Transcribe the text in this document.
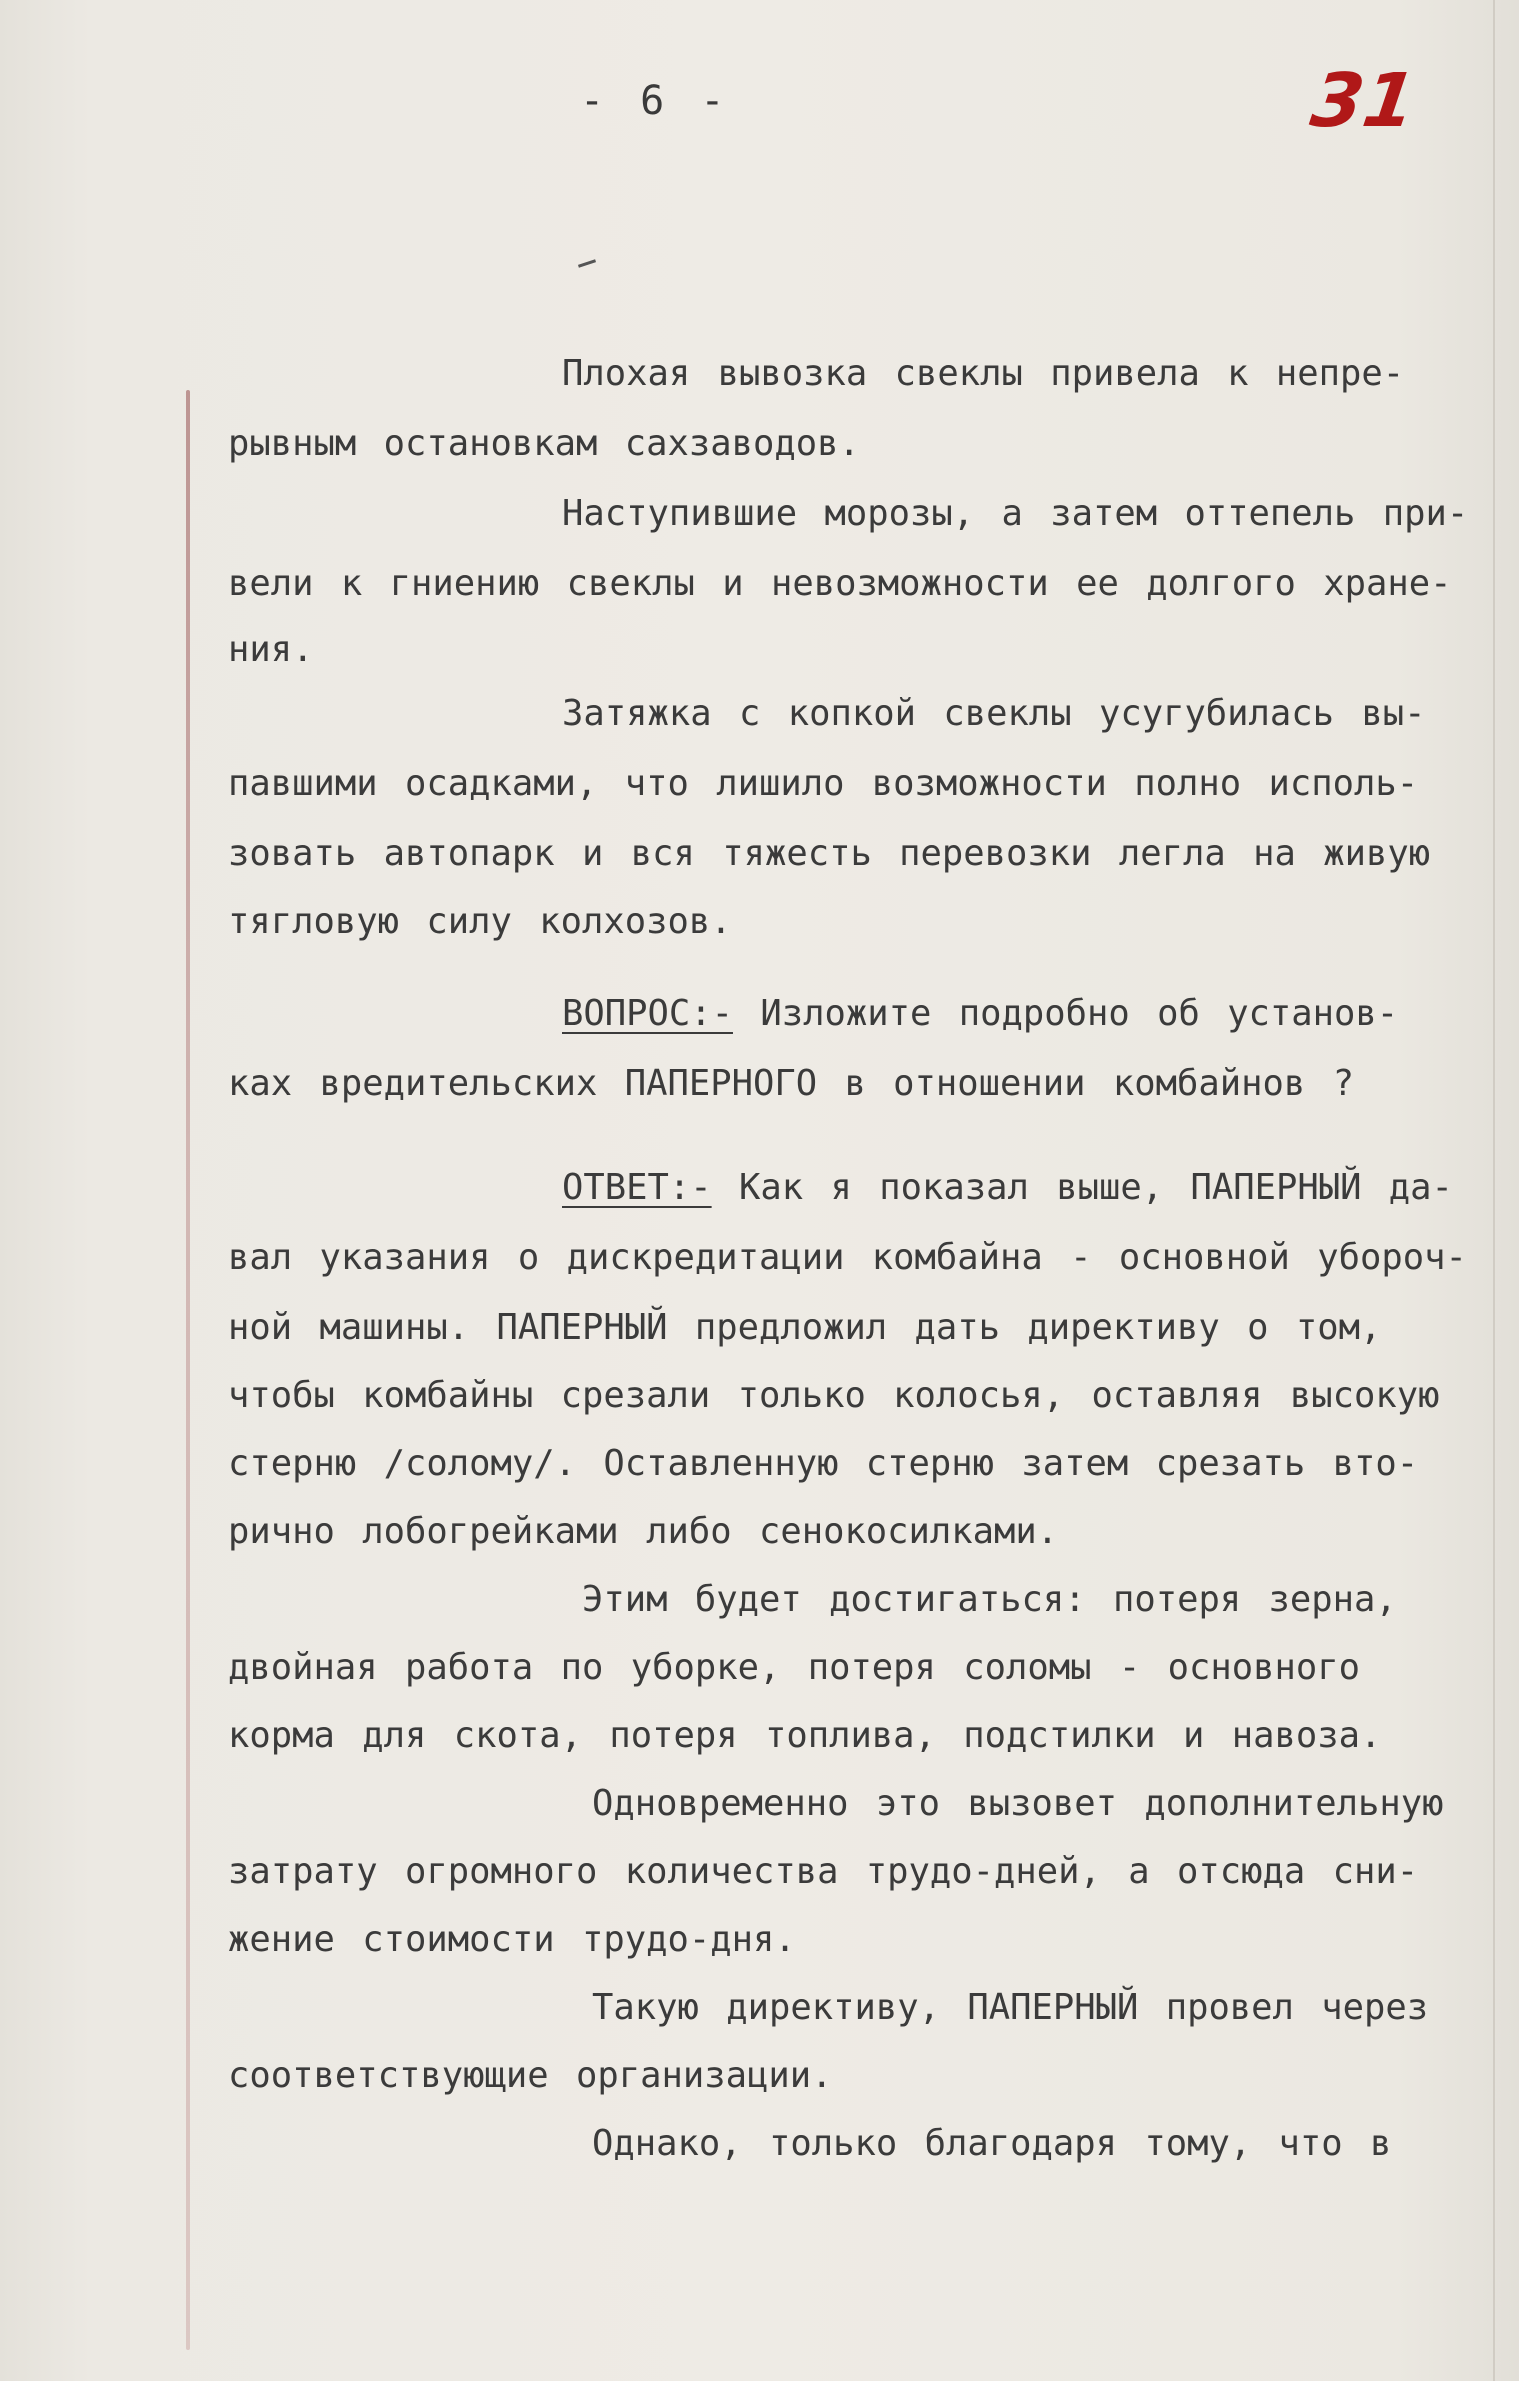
- 6 -	31
Плохая вывозка свеклы привела к непре-
рывным остановкам сахзаводов.
Наступившие морозы, а затем оттепель при-
вели к гниению свеклы и невозможности ее долгого хране-
ния.
Затяжка с копкой свеклы усугубилась вы-
павшими осадками, что лишило возможности полно исполь-
зовать автопарк и вся тяжесть перевозки легла на живую
тягловую силу колхозов.
ВОПРОС:- Изложите подробно об установ-
ках вредительских ПАПЕРНОГО в отношении комбайнов ?
ОТВЕТ:- Как я показал выше, ПАПЕРНЫЙ да-
вал указания о дискредитации комбайна - основной убороч-
ной машины. ПАПЕРНЫЙ предложил дать директиву о том,
чтобы комбайны срезали только колосья, оставляя высокую
стерню /солому/. Оставленную стерню затем срезать вто-
рично лобогрейками либо сенокосилками.
Этим будет достигаться: потеря зерна,
двойная работа по уборке, потеря соломы - основного
корма для скота, потеря топлива, подстилки и навоза.
Одновременно это вызовет дополнительную
затрату огромного количества трудо-дней, а отсюда сни-
жение стоимости трудо-дня.
Такую директиву, ПАПЕРНЫЙ провел через
соответствующие организации.
Однако, только благодаря тому, что в
